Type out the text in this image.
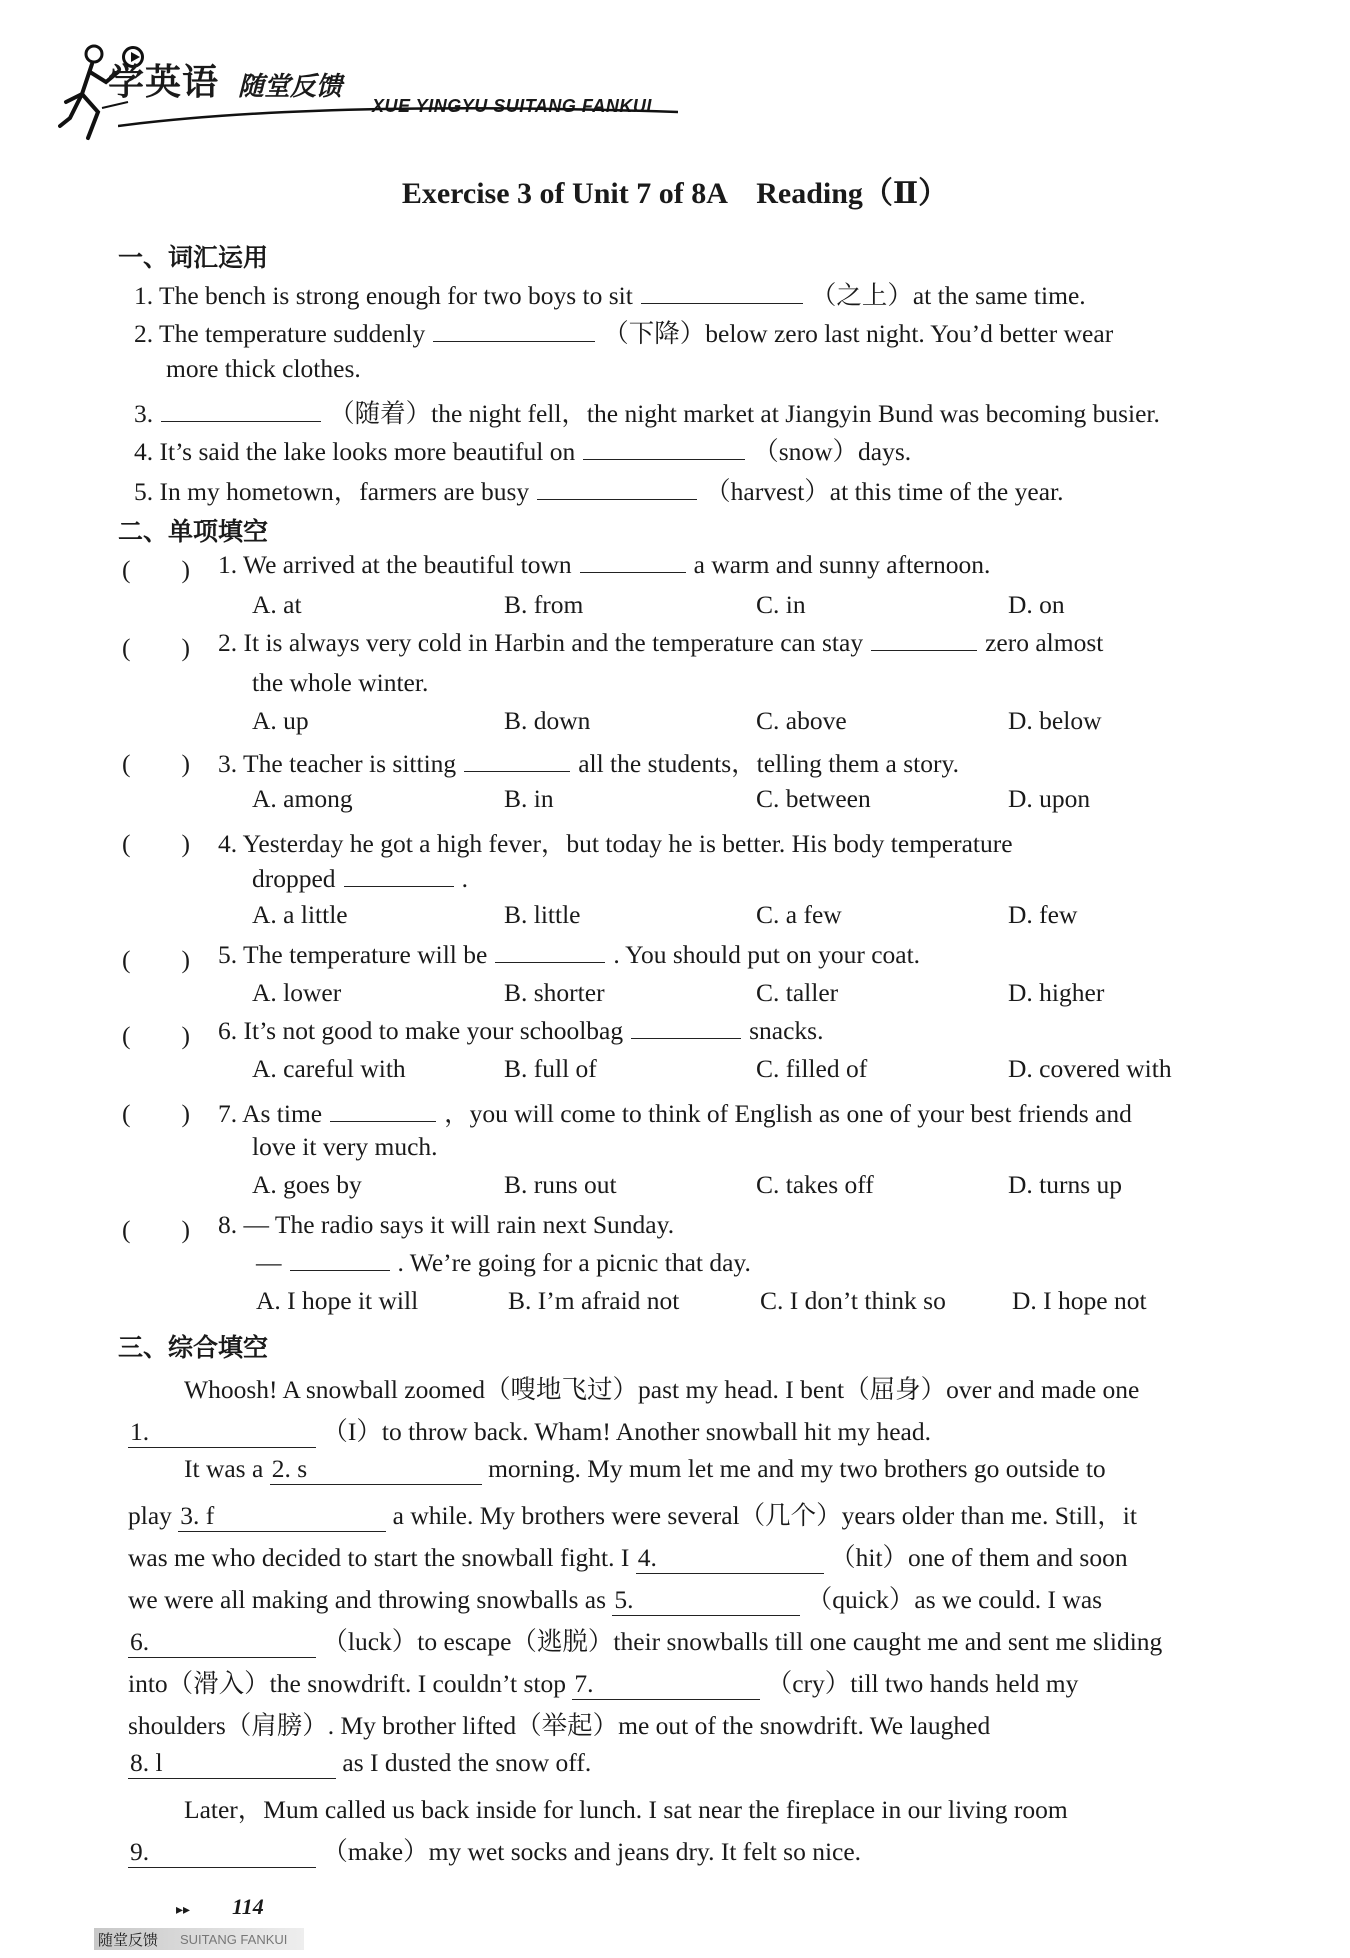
学英语 随堂反馈
XUE YINGYU SUITANG FANKUI
Exercise 3 of Unit 7 of 8A　Reading（Ⅱ）
一、词汇运用
1. The bench is strong enough for two boys to sit	（之上）at the same time.
2. The temperature suddenly	（下降）below zero last night. You’d better wear
more thick clothes.
3.	（随着）the night fell，the night market at Jiangyin Bund was becoming busier.
4. It’s said the lake looks more beautiful on	（snow）days.
5. In my hometown，farmers are busy	（harvest）at this time of the year.
二、单项填空
(　　) 1. We arrived at the beautiful town	a warm and sunny afternoon.
A. at	B. from	C. in	D. on
(　　) 2. It is always very cold in Harbin and the temperature can stay	zero almost
the whole winter.
A. up	B. down	C. above	D. below
(　　) 3. The teacher is sitting	all the students，telling them a story.
A. among	B. in	C. between	D. upon
(　　) 4. Yesterday he got a high fever，but today he is better. His body temperature
dropped	.
A. a little	B. little	C. a few	D. few
(　　) 5. The temperature will be	. You should put on your coat.
A. lower	B. shorter	C. taller	D. higher
(　　) 6. It’s not good to make your schoolbag	snacks.
A. careful with	B. full of	C. filled of	D. covered with
(　　) 7. As time	，you will come to think of English as one of your best friends and
love it very much.
A. goes by	B. runs out	C. takes off	D. turns up
(　　) 8. — The radio says it will rain next Sunday.
—	. We’re going for a picnic that day.
A. I hope it will	B. I’m afraid not	C. I don’t think so	D. I hope not
三、综合填空
Whoosh! A snowball zoomed（嗖地飞过）past my head. I bent（屈身）over and made one
1.	（I）to throw back. Wham! Another snowball hit my head.
It was a 2. s	morning. My mum let me and my two brothers go outside to
play 3. f	a while. My brothers were several（几个）years older than me. Still，it
was me who decided to start the snowball fight. I 4.	（hit）one of them and soon
we were all making and throwing snowballs as 5.	（quick）as we could. I was
6.	（luck）to escape（逃脱）their snowballs till one caught me and sent me sliding
into（滑入）the snowdrift. I couldn’t stop 7.	（cry）till two hands held my
shoulders（肩膀）. My brother lifted（举起）me out of the snowdrift. We laughed
8. l	as I dusted the snow off.
Later，Mum called us back inside for lunch. I sat near the fireplace in our living room
9.	（make）my wet socks and jeans dry. It felt so nice.
▸▸ 114
随堂反馈 SUITANG FANKUI
